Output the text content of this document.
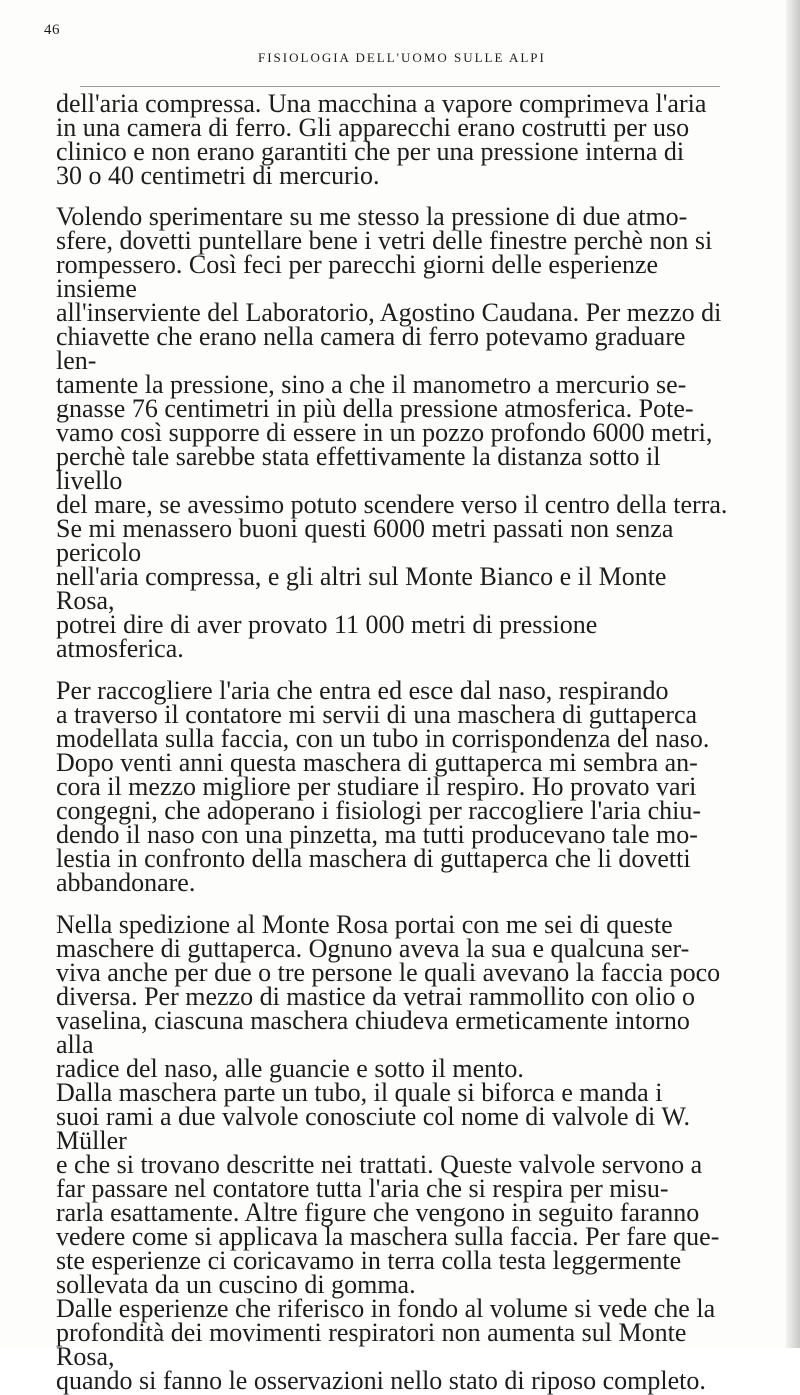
46
FISIOLOGIA DELL'UOMO SULLE ALPI

dell'aria compressa. Una macchina a vapore comprimeva l'aria
in una camera di ferro. Gli apparecchi erano costrutti per uso
clinico e non erano garantiti che per una pressione interna di
30 o 40 centimetri di mercurio.

Volendo sperimentare su me stesso la pressione di due atmo-
sfere, dovetti puntellare bene i vetri delle finestre perchè non si
rompessero. Così feci per parecchi giorni delle esperienze insieme
all'inserviente del Laboratorio, Agostino Caudana. Per mezzo di
chiavette che erano nella camera di ferro potevamo graduare len-
tamente la pressione, sino a che il manometro a mercurio se-
gnasse 76 centimetri in più della pressione atmosferica. Pote-
vamo così supporre di essere in un pozzo profondo 6000 metri,
perchè tale sarebbe stata effettivamente la distanza sotto il livello
del mare, se avessimo potuto scendere verso il centro della terra.
Se mi menassero buoni questi 6000 metri passati non senza pericolo
nell'aria compressa, e gli altri sul Monte Bianco e il Monte Rosa,
potrei dire di aver provato 11 000 metri di pressione atmosferica.

Per raccogliere l'aria che entra ed esce dal naso, respirando
a traverso il contatore mi servii di una maschera di guttaperca
modellata sulla faccia, con un tubo in corrispondenza del naso.
Dopo venti anni questa maschera di guttaperca mi sembra an-
cora il mezzo migliore per studiare il respiro. Ho provato vari
congegni, che adoperano i fisiologi per raccogliere l'aria chiu-
dendo il naso con una pinzetta, ma tutti producevano tale mo-
lestia in confronto della maschera di guttaperca che li dovetti
abbandonare.

Nella spedizione al Monte Rosa portai con me sei di queste
maschere di guttaperca. Ognuno aveva la sua e qualcuna ser-
viva anche per due o tre persone le quali avevano la faccia poco
diversa. Per mezzo di mastice da vetrai rammollito con olio o
vaselina, ciascuna maschera chiudeva ermeticamente intorno alla
radice del naso, alle guancie e sotto il mento.

Dalla maschera parte un tubo, il quale si biforca e manda i
suoi rami a due valvole conosciute col nome di valvole di W. Müller
e che si trovano descritte nei trattati. Queste valvole servono a
far passare nel contatore tutta l'aria che si respira per misu-
rarla esattamente. Altre figure che vengono in seguito faranno
vedere come si applicava la maschera sulla faccia. Per fare que-
ste esperienze ci coricavamo in terra colla testa leggermente
sollevata da un cuscino di gomma.

Dalle esperienze che riferisco in fondo al volume si vede che la
profondità dei movimenti respiratori non aumenta sul Monte Rosa,
quando si fanno le osservazioni nello stato di riposo completo.
